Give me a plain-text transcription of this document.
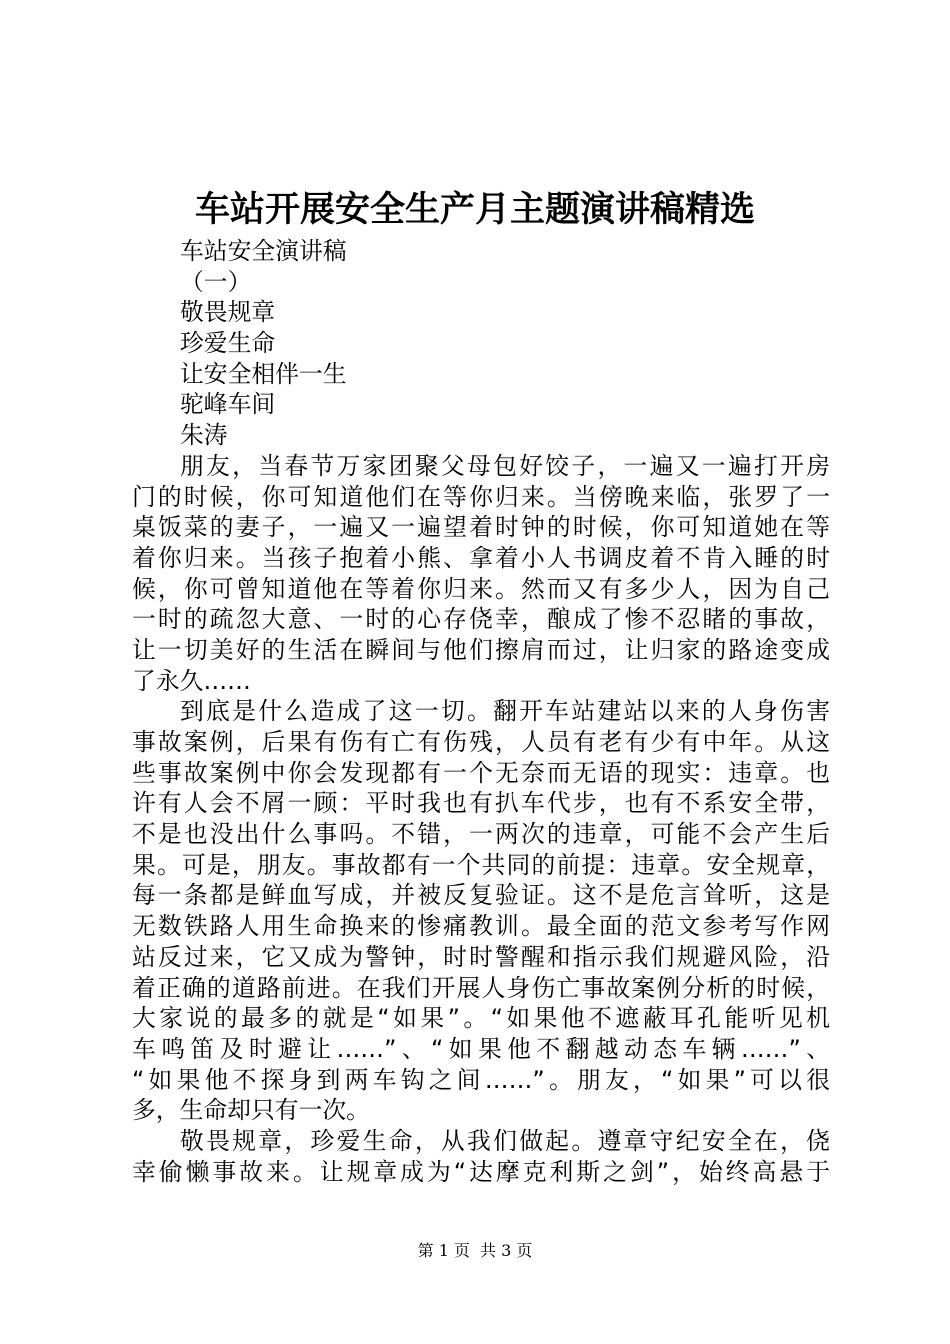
车站开展安全生产月主题演讲稿精选
车站安全演讲稿
（一）
敬畏规章
珍爱生命
让安全相伴一生
驼峰车间
朱涛
朋友，当春节万家团聚父母包好饺子，一遍又一遍打开房
门的时候，你可知道他们在等你归来。当傍晚来临，张罗了一
桌饭菜的妻子，一遍又一遍望着时钟的时候，你可知道她在等
着你归来。当孩子抱着小熊、拿着小人书调皮着不肯入睡的时
候，你可曾知道他在等着你归来。然而又有多少人，因为自己
一时的疏忽大意、一时的心存侥幸，酿成了惨不忍睹的事故，
让一切美好的生活在瞬间与他们擦肩而过，让归家的路途变成
了永久……
到底是什么造成了这一切。翻开车站建站以来的人身伤害
事故案例，后果有伤有亡有伤残，人员有老有少有中年。从这
些事故案例中你会发现都有一个无奈而无语的现实：违章。也
许有人会不屑一顾：平时我也有扒车代步，也有不系安全带，
不是也没出什么事吗。不错，一两次的违章，可能不会产生后
果。可是，朋友。事故都有一个共同的前提：违章。安全规章，
每一条都是鲜血写成，并被反复验证。这不是危言耸听，这是
无数铁路人用生命换来的惨痛教训。最全面的范文参考写作网
站反过来，它又成为警钟，时时警醒和指示我们规避风险，沿
着正确的道路前进。在我们开展人身伤亡事故案例分析的时候，
大家说的最多的就是“如果”。“如果他不遮蔽耳孔能听见机
车鸣笛及时避让……”、“如果他不翻越动态车辆……”、
“如果他不探身到两车钩之间……”。朋友，“如果”可以很
多，生命却只有一次。
敬畏规章，珍爱生命，从我们做起。遵章守纪安全在，侥
幸偷懒事故来。让规章成为“达摩克利斯之剑”，始终高悬于
第 1 页 共 3 页
